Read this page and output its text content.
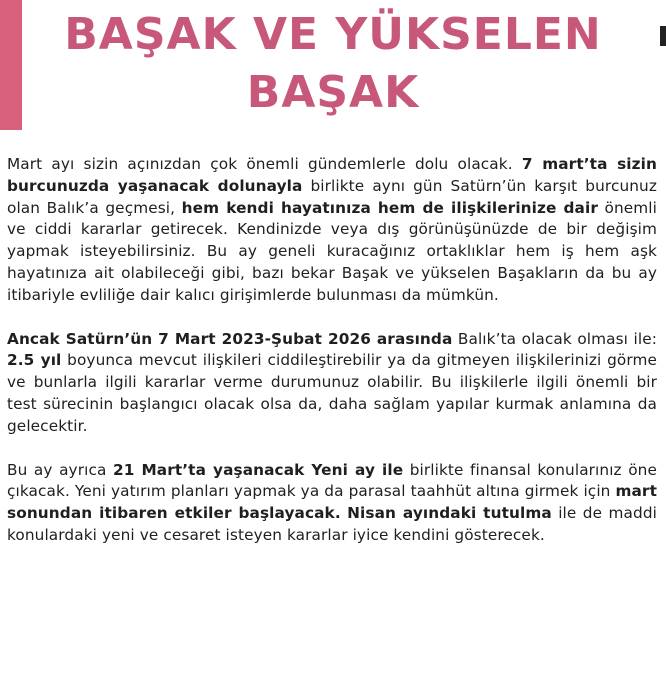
BAŞAK VE YÜKSELEN
BAŞAK

Mart ayı sizin açınızdan çok önemli gündemlerle dolu olacak. 7 mart’ta sizin burcunuzda yaşanacak dolunayla birlikte aynı gün Satürn’ün karşıt burcunuz olan Balık’a geçmesi, hem kendi hayatınıza hem de ilişkilerinize dair önemli ve ciddi kararlar getirecek. Kendinizde veya dış görünüşünüzde de bir değişim yapmak isteyebilirsiniz. Bu ay geneli kuracağınız ortaklıklar hem iş hem aşk hayatınıza ait olabileceği gibi, bazı bekar Başak ve yükselen Başakların da bu ay itibariyle evliliğe dair kalıcı girişimlerde bulunması da mümkün.

Ancak Satürn’ün 7 Mart 2023-Şubat 2026 arasında Balık’ta olacak olması ile: 2.5 yıl boyunca mevcut ilişkileri ciddileştirebilir ya da gitmeyen ilişkilerinizi görme ve bunlarla ilgili kararlar verme durumunuz olabilir. Bu ilişkilerle ilgili önemli bir test sürecinin başlangıcı olacak olsa da, daha sağlam yapılar kurmak anlamına da gelecektir.

Bu ay ayrıca 21 Mart’ta yaşanacak Yeni ay ile birlikte finansal konularınız öne çıkacak. Yeni yatırım planları yapmak ya da parasal taahhüt altına girmek için mart sonundan itibaren etkiler başlayacak. Nisan ayındaki tutulma ile de maddi konulardaki yeni ve cesaret isteyen kararlar iyice kendini gösterecek.
